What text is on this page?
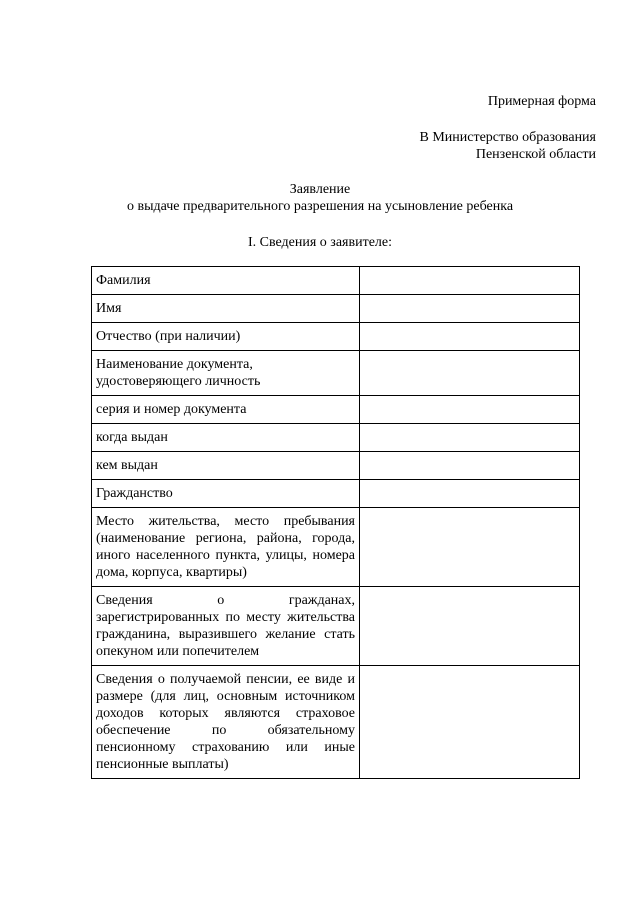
Примерная форма
В Министерство образования
Пензенской области
Заявление
о выдаче предварительного разрешения на усыновление ребенка
I. Сведения о заявителе:
Фамилия	
Имя	
Отчество (при наличии)	
Наименование документа, удостоверяющего личность	
серия и номер документа	
когда выдан	
кем выдан	
Гражданство	
Место жительства, место пребывания (наименование региона, района, города, иного населенного пункта, улицы, номера дома, корпуса, квартиры)	
Сведения о гражданах, зарегистрированных по месту жительства гражданина, выразившего желание стать опекуном или попечителем	
Сведения о получаемой пенсии, ее виде и размере (для лиц, основным источником доходов которых являются страховое обеспечение по обязательному пенсионному страхованию или иные пенсионные выплаты)	
